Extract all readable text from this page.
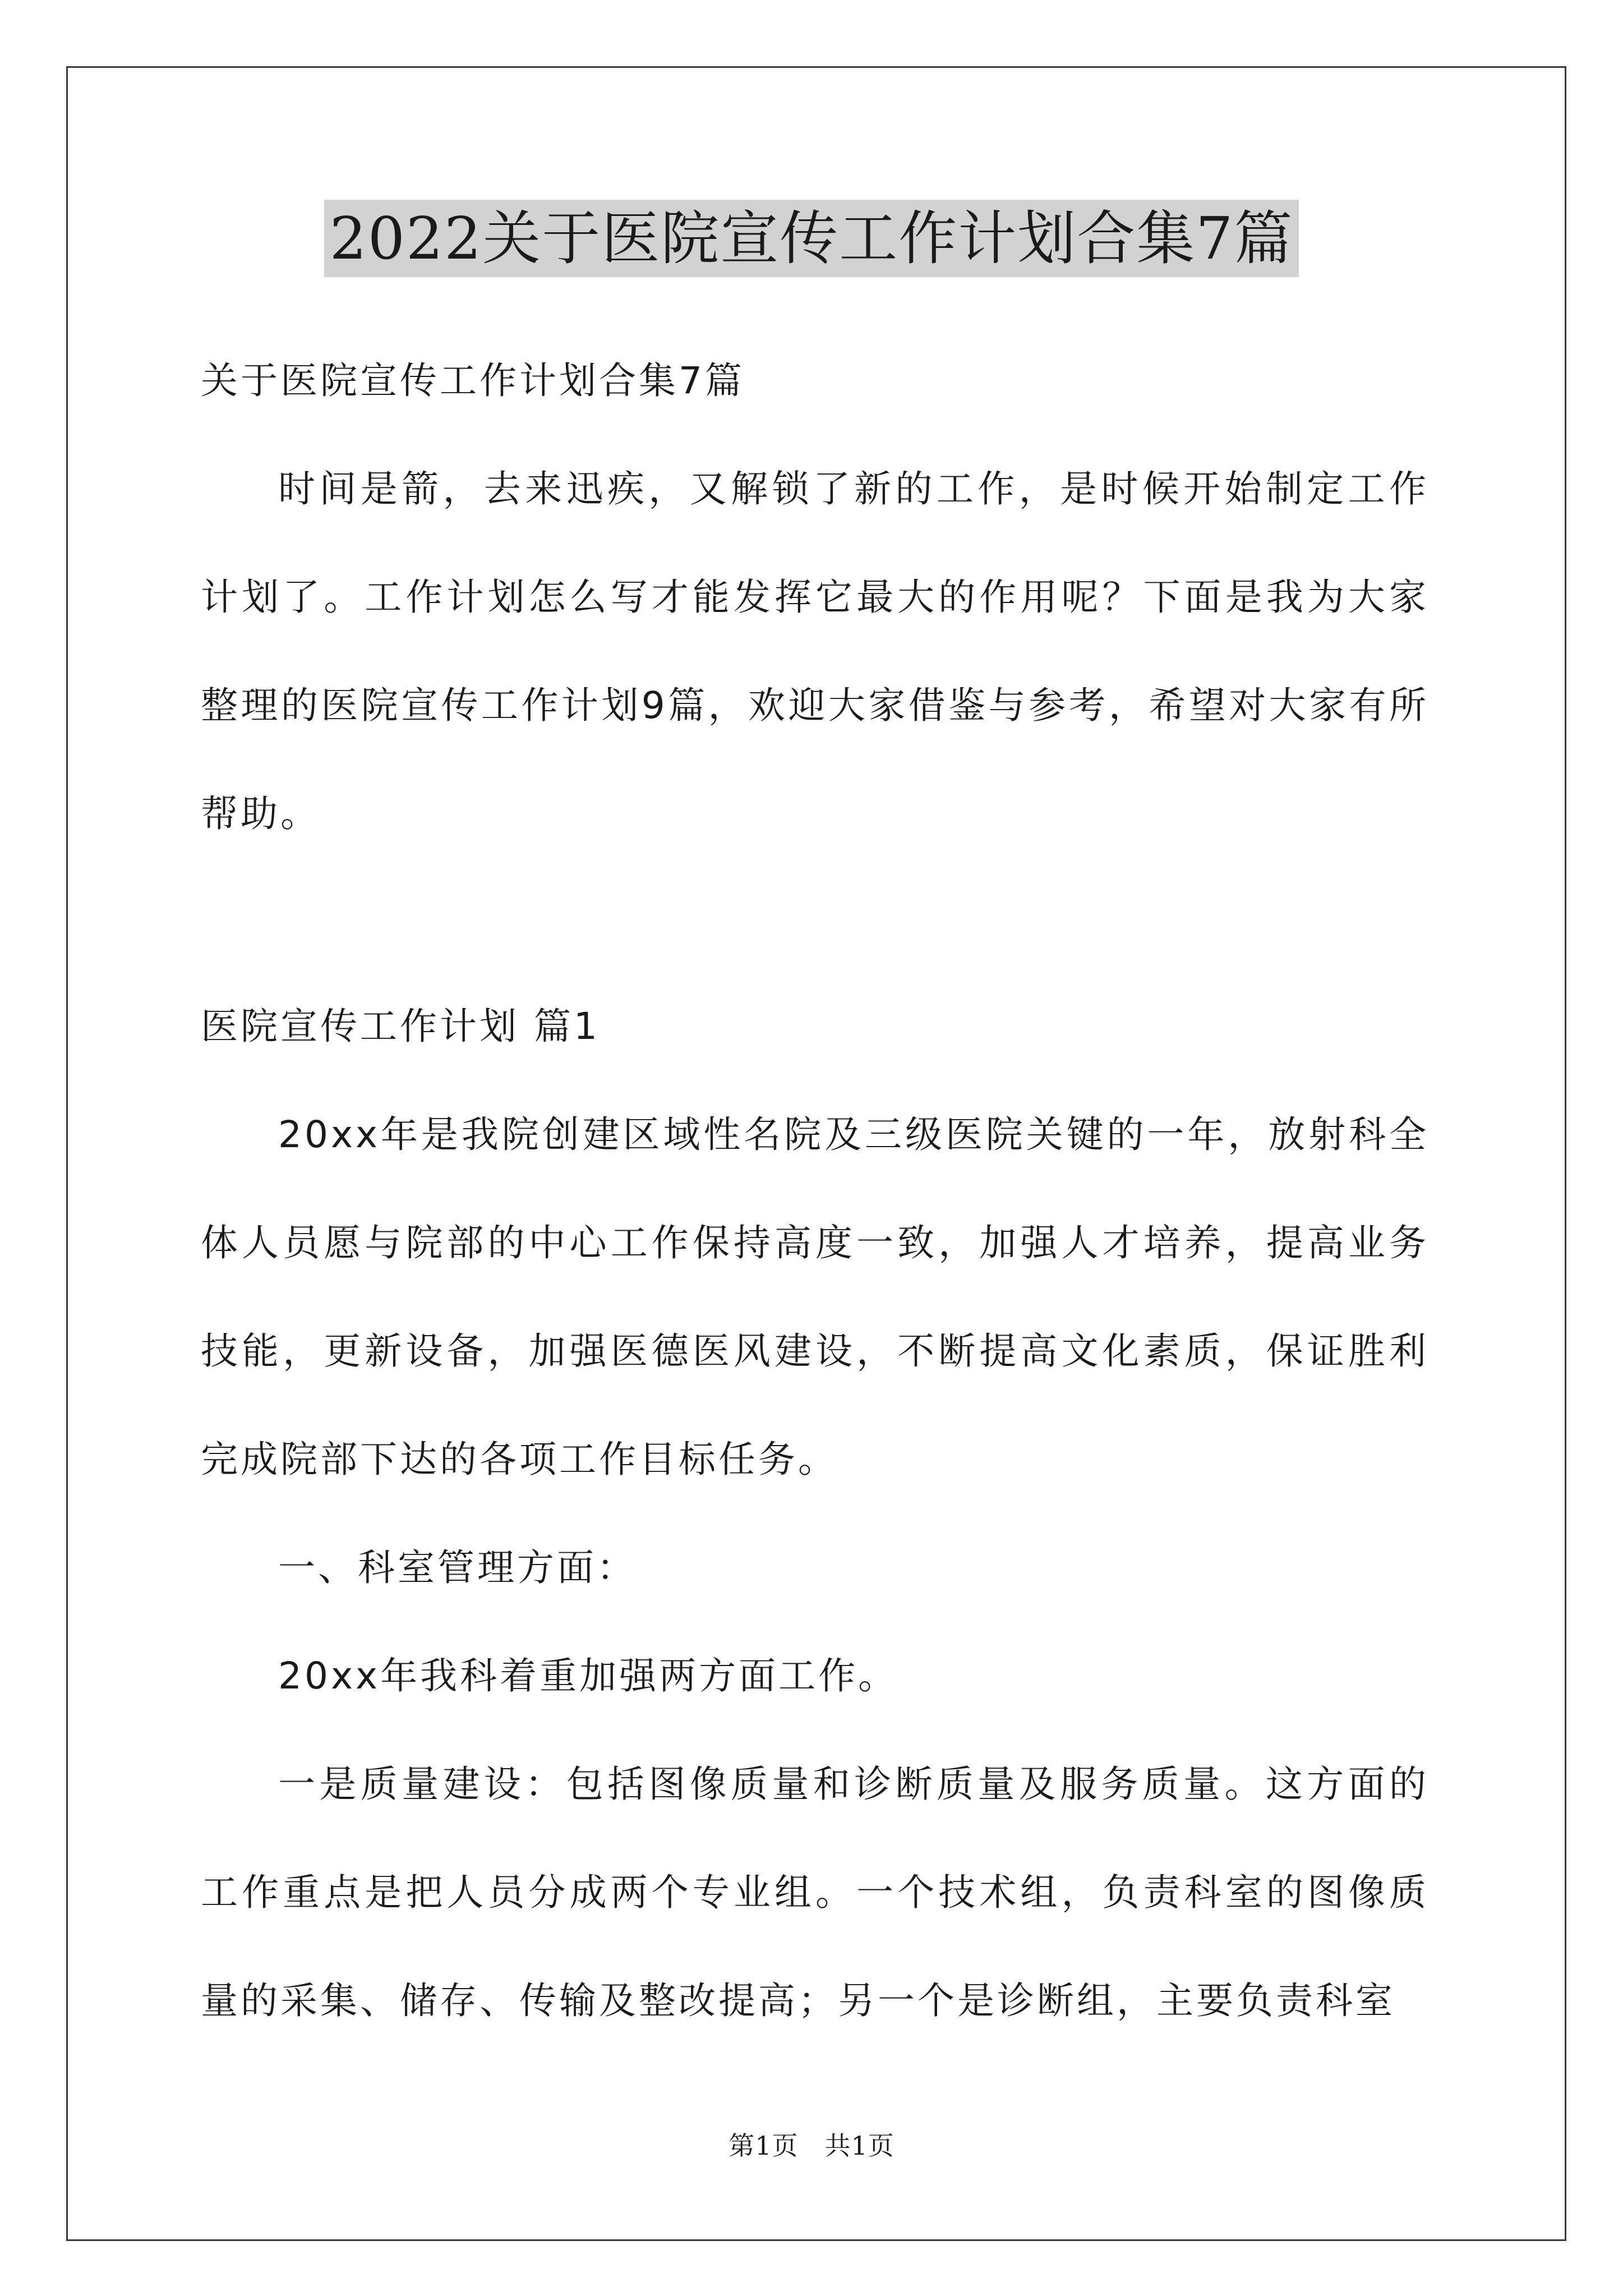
2022关于医院宣传工作计划合集7篇

关于医院宣传工作计划合集7篇

时间是箭，去来迅疾，又解锁了新的工作，是时候开始制定工作计划了。工作计划怎么写才能发挥它最大的作用呢？下面是我为大家整理的医院宣传工作计划9篇，欢迎大家借鉴与参考，希望对大家有所帮助。

医院宣传工作计划 篇1

20xx年是我院创建区域性名院及三级医院关键的一年，放射科全体人员愿与院部的中心工作保持高度一致，加强人才培养，提高业务技能，更新设备，加强医德医风建设，不断提高文化素质，保证胜利完成院部下达的各项工作目标任务。

一、科室管理方面：

20xx年我科着重加强两方面工作。

一是质量建设：包括图像质量和诊断质量及服务质量。这方面的工作重点是把人员分成两个专业组。一个技术组，负责科室的图像质量的采集、储存、传输及整改提高；另一个是诊断组，主要负责科室

第1页　共1页
